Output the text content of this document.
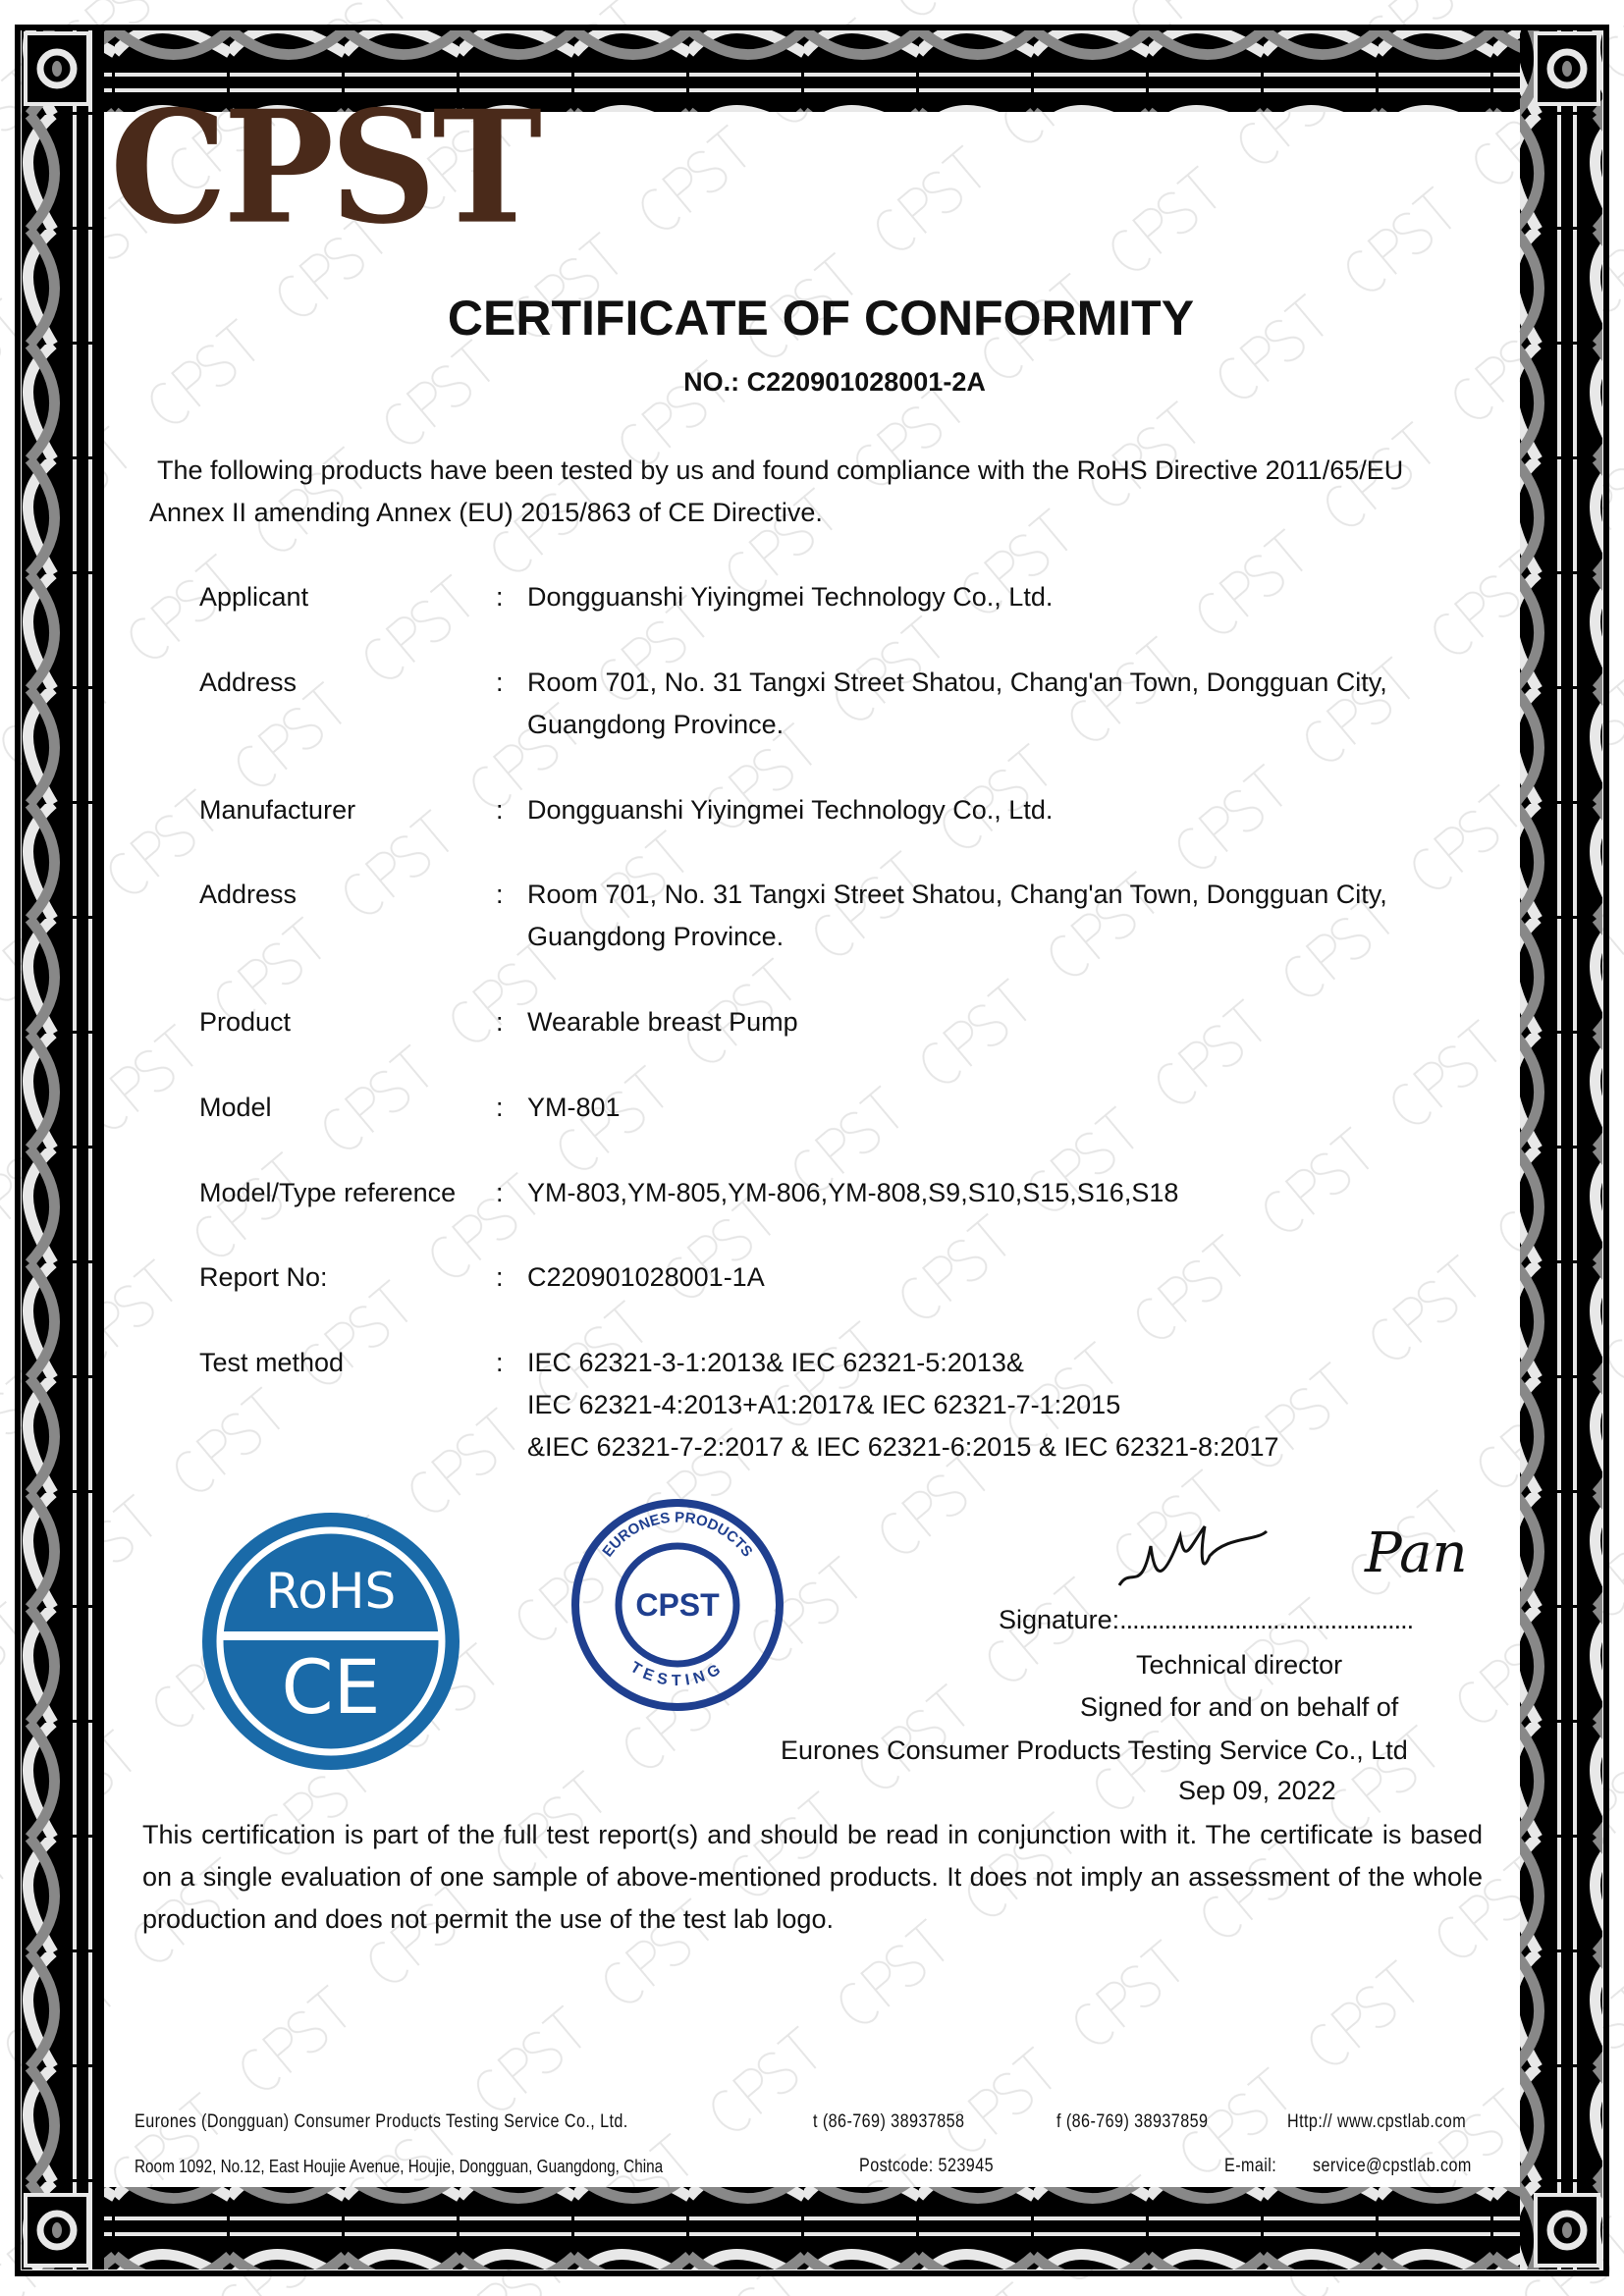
CPST
CERTIFICATE OF CONFORMITY
NO.: C220901028001-2A
The following products have been tested by us and found compliance with the RoHS Directive 2011/65/EU
Annex II amending Annex (EU) 2015/863 of CE Directive.
Applicant	: Dongguanshi Yiyingmei Technology Co., Ltd.
Address	: Room 701, No. 31 Tangxi Street Shatou, Chang'an Town, Dongguan City,
Guangdong Province.
Manufacturer	: Dongguanshi Yiyingmei Technology Co., Ltd.
Address	: Room 701, No. 31 Tangxi Street Shatou, Chang'an Town, Dongguan City,
Guangdong Province.
Product	: Wearable breast Pump
Model	: YM-801
Model/Type reference : YM-803,YM-805,YM-806,YM-808,S9,S10,S15,S16,S18
Report No:	: C220901028001-1A
Test method	: IEC 62321-3-1:2013& IEC 62321-5:2013&
IEC 62321-4:2013+A1:2017& IEC 62321-7-1:2015
&IEC 62321-7-2:2017 & IEC 62321-6:2015 & IEC 62321-8:2017
RoHS
CE
EURONES PRODUCTS
TESTING
CPST
Pan
Signature:..............................................
Technical director
Signed for and on behalf of
Eurones Consumer Products Testing Service Co., Ltd
Sep 09, 2022
This certification is part of the full test report(s) and should be read in conjunction with it. The certificate is based on a single evaluation of one sample of above-mentioned products. It does not imply an assessment of the whole production and does not permit the use of the test lab logo.
Eurones (Dongguan) Consumer Products Testing Service Co., Ltd.	t (86-769) 38937858	f (86-769) 38937859	Http:// www.cpstlab.com
Room 1092, No.12, East Houjie Avenue, Houjie, Dongguan, Guangdong, China	Postcode: 523945	E-mail: service@cpstlab.com
